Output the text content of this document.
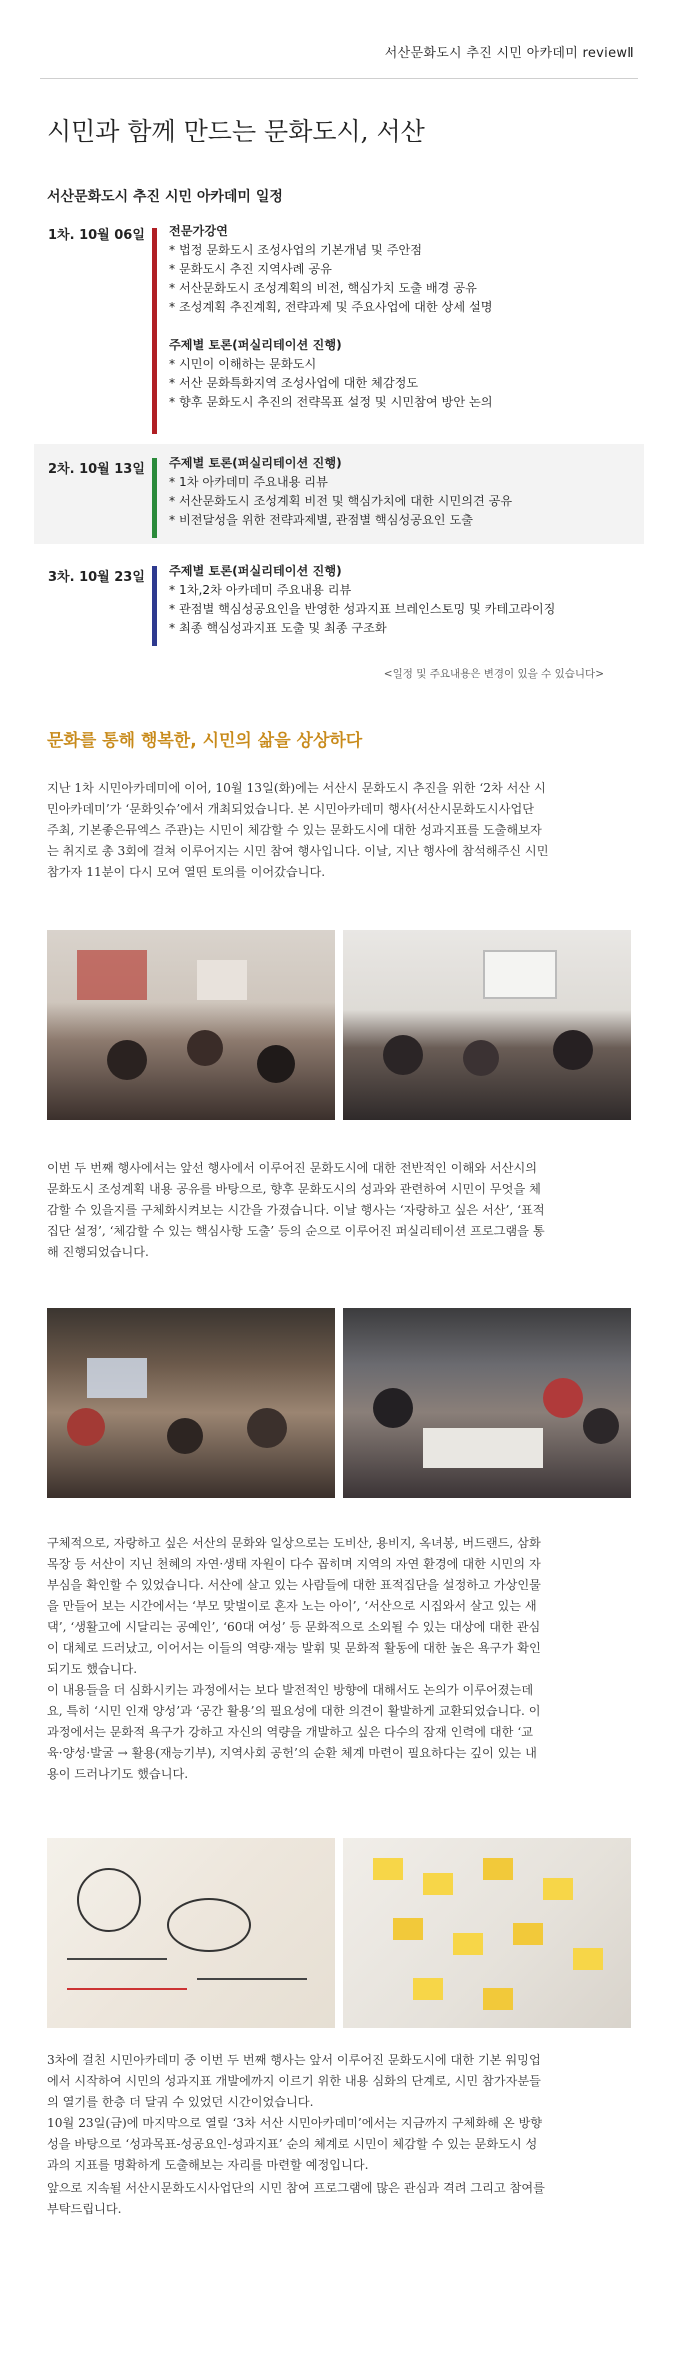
서산문화도시 추진 시민 아카데미 reviewⅡ
시민과 함께 만드는 문화도시, 서산
서산문화도시 추진 시민 아카데미 일정
1차. 10월 06일 전문가강연
* 법정 문화도시 조성사업의 기본개념 및 주안점
* 문화도시 추진 지역사례 공유
* 서산문화도시 조성계획의 비전, 핵심가치 도출 배경 공유
* 조성계획 추진계획, 전략과제 및 주요사업에 대한 상세 설명
주제별 토론(퍼실리테이션 진행)
* 시민이 이해하는 문화도시
* 서산 문화특화지역 조성사업에 대한 체감정도
* 향후 문화도시 추진의 전략목표 설정 및 시민참여 방안 논의
2차. 10월 13일 주제별 토론(퍼실리테이션 진행)
* 1차 아카데미 주요내용 리뷰
* 서산문화도시 조성계획 비전 및 핵심가치에 대한 시민의견 공유
* 비전달성을 위한 전략과제별, 관점별 핵심성공요인 도출
3차. 10월 23일 주제별 토론(퍼실리테이션 진행)
* 1차,2차 아카데미 주요내용 리뷰
* 관점별 핵심성공요인을 반영한 성과지표 브레인스토밍 및 카테고라이징
* 최종 핵심성과지표 도출 및 최종 구조화
<일정 및 주요내용은 변경이 있을 수 있습니다>
문화를 통해 행복한, 시민의 삶을 상상하다

지난 1차 시민아카데미에 이어, 10월 13일(화)에는 서산시 문화도시 추진을 위한 ‘2차 서산 시
민아카데미’가 ‘문화잇슈’에서 개최되었습니다. 본 시민아카데미 행사(서산시문화도시사업단
주최, 기본좋은뮤엑스 주관)는 시민이 체감할 수 있는 문화도시에 대한 성과지표를 도출해보자
는 취지로 총 3회에 걸쳐 이루어지는 시민 참여 행사입니다. 이날, 지난 행사에 참석해주신 시민
참가자 11분이 다시 모여 열띤 토의를 이어갔습니다.

이번 두 번째 행사에서는 앞선 행사에서 이루어진 문화도시에 대한 전반적인 이해와 서산시의
문화도시 조성계획 내용 공유를 바탕으로, 향후 문화도시의 성과와 관련하여 시민이 무엇을 체
감할 수 있을지를 구체화시켜보는 시간을 가졌습니다. 이날 행사는 ‘자랑하고 싶은 서산’, ‘표적
집단 설정’, ‘체감할 수 있는 핵심사항 도출’ 등의 순으로 이루어진 퍼실리테이션 프로그램을 통
해 진행되었습니다.

구체적으로, 자랑하고 싶은 서산의 문화와 일상으로는 도비산, 용비지, 옥녀봉, 버드랜드, 삼화
목장 등 서산이 지닌 천혜의 자연·생태 자원이 다수 꼽히며 지역의 자연 환경에 대한 시민의 자
부심을 확인할 수 있었습니다. 서산에 살고 있는 사람들에 대한 표적집단을 설정하고 가상인물
을 만들어 보는 시간에서는 ‘부모 맞벌이로 혼자 노는 아이’, ‘서산으로 시집와서 살고 있는 새
댁’, ‘생활고에 시달리는 공예인’, ‘60대 여성’ 등 문화적으로 소외될 수 있는 대상에 대한 관심
이 대체로 드러났고, 이어서는 이들의 역량·재능 발휘 및 문화적 활동에 대한 높은 욕구가 확인
되기도 했습니다.
이 내용들을 더 심화시키는 과정에서는 보다 발전적인 방향에 대해서도 논의가 이루어졌는데
요, 특히 ‘시민 인재 양성’과 ‘공간 활용’의 필요성에 대한 의견이 활발하게 교환되었습니다. 이
과정에서는 문화적 욕구가 강하고 자신의 역량을 개발하고 싶은 다수의 잠재 인력에 대한 ‘교
육·양성·발굴 → 활용(재능기부), 지역사회 공헌’의 순환 체계 마련이 필요하다는 깊이 있는 내
용이 드러나기도 했습니다.

3차에 걸친 시민아카데미 중 이번 두 번째 행사는 앞서 이루어진 문화도시에 대한 기본 워밍업
에서 시작하여 시민의 성과지표 개발에까지 이르기 위한 내용 심화의 단계로, 시민 참가자분들
의 열기를 한층 더 달궈 수 있었던 시간이었습니다.
10월 23일(금)에 마지막으로 열릴 ‘3차 서산 시민아카데미’에서는 지금까지 구체화해 온 방향
성을 바탕으로 ‘성과목표-성공요인-성과지표’ 순의 체계로 시민이 체감할 수 있는 문화도시 성
과의 지표를 명확하게 도출해보는 자리를 마련할 예정입니다.

앞으로 지속될 서산시문화도시사업단의 시민 참여 프로그램에 많은 관심과 격려 그리고 참여를
부탁드립니다.
